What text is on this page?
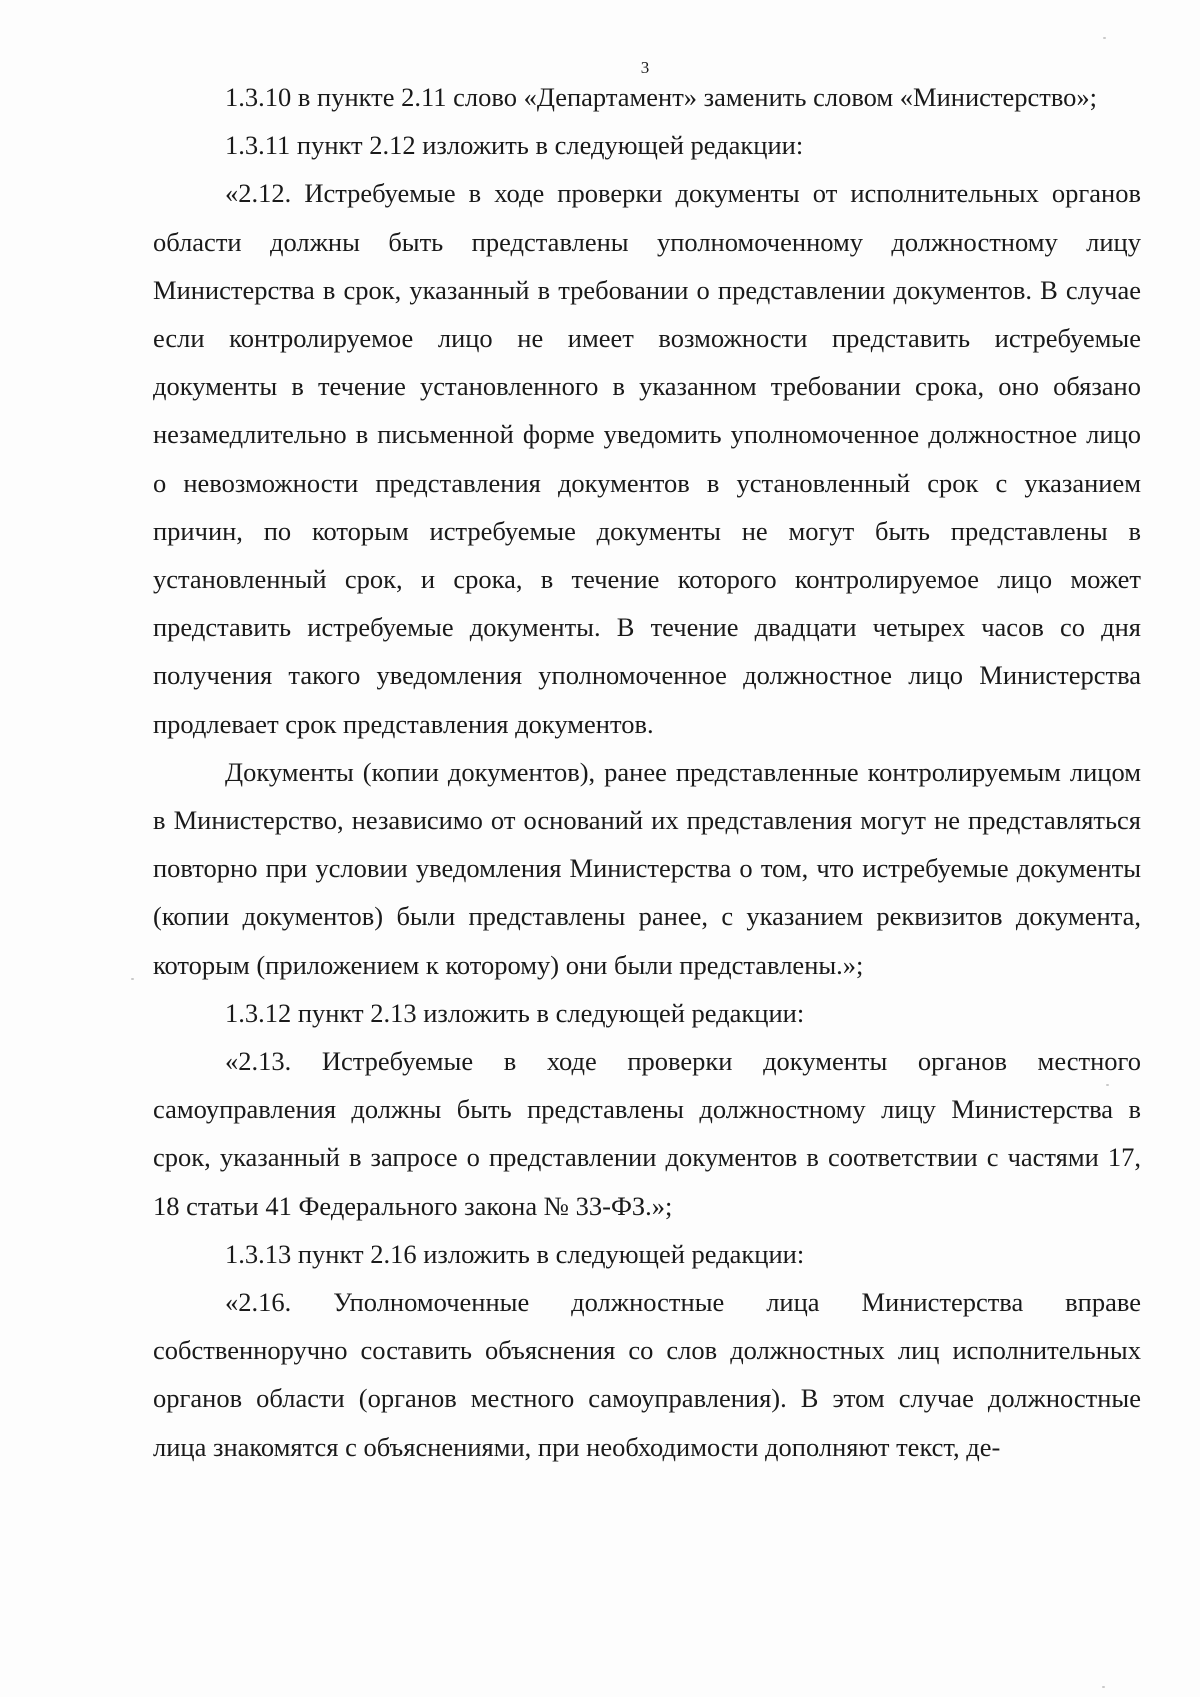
3

1.3.10 в пункте 2.11 слово «Департамент» заменить словом «Министерство»;

1.3.11 пункт 2.12 изложить в следующей редакции:

«2.12. Истребуемые в ходе проверки документы от исполнительных органов области должны быть представлены уполномоченному должностному лицу Министерства в срок, указанный в требовании о представлении документов. В случае если контролируемое лицо не имеет возможности представить истребуемые документы в течение установленного в указанном требовании срока, оно обязано незамедлительно в письменной форме уведомить уполномоченное должностное лицо о невозможности представления документов в установленный срок с указанием причин, по которым истребуемые документы не могут быть представлены в установленный срок, и срока, в течение которого контролируемое лицо может представить истребуемые документы. В течение двадцати четырех часов со дня получения такого уведомления уполномоченное должностное лицо Министерства продлевает срок представления документов.

Документы (копии документов), ранее представленные контролируемым лицом в Министерство, независимо от оснований их представления могут не представляться повторно при условии уведомления Министерства о том, что истребуемые документы (копии документов) были представлены ранее, с указанием реквизитов документа, которым (приложением к которому) они были представлены.»;

1.3.12 пункт 2.13 изложить в следующей редакции:

«2.13. Истребуемые в ходе проверки документы органов местного самоуправления должны быть представлены должностному лицу Министерства в срок, указанный в запросе о представлении документов в соответствии с частями 17, 18 статьи 41 Федерального закона № 33-ФЗ.»;

1.3.13 пункт 2.16 изложить в следующей редакции:

«2.16. Уполномоченные должностные лица Министерства вправе собственноручно составить объяснения со слов должностных лиц исполнительных органов области (органов местного самоуправления). В этом случае должностные лица знакомятся с объяснениями, при необходимости дополняют текст, де-
